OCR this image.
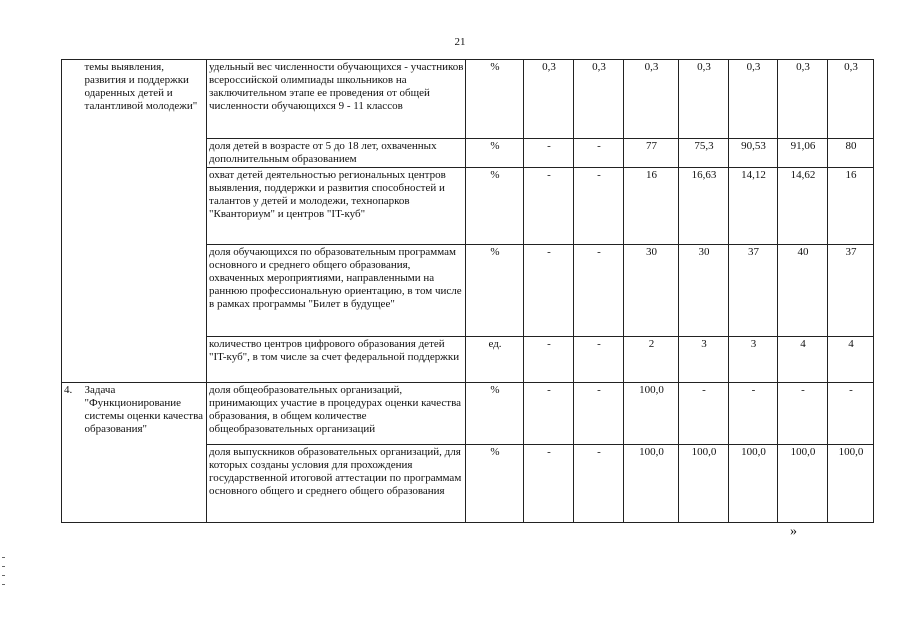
21
	темы выявления, развития и поддержки одаренных детей и талантливой молодежи"	удельный вес численности обучающихся - участников всероссийской олимпиады школьников на заключительном этапе ее проведения от общей численности обучающихся 9 - 11 классов	%	0,3	0,3	0,3	0,3	0,3	0,3	0,3
		доля детей в возрасте от 5 до 18 лет, охваченных дополнительным образованием	%	-	-	77	75,3	90,53	91,06	80
		охват детей деятельностью региональных центров выявления, поддержки и развития способностей и талантов у детей и молодежи, технопарков "Кванториум" и центров "IT-куб"	%	-	-	16	16,63	14,12	14,62	16
		доля обучающихся по образовательным программам основного и среднего общего образования, охваченных мероприятиями, направленными на раннюю профессиональную ориентацию, в том числе в рамках программы "Билет в будущее"	%	-	-	30	30	37	40	37
		количество центров цифрового образования детей "IT-куб", в том числе за счет федеральной поддержки	ед.	-	-	2	3	3	4	4
4.	Задача "Функционирование системы оценки качества образования"	доля общеобразовательных организаций, принимающих участие в процедурах оценки качества образования, в общем количестве общеобразовательных организаций	%	-	-	100,0	-	-	-	-
		доля выпускников образовательных организаций, для которых созданы условия для прохождения государственной итоговой аттестации по программам основного общего и среднего общего образования	%	-	-	100,0	100,0	100,0	100,0	100,0
»
